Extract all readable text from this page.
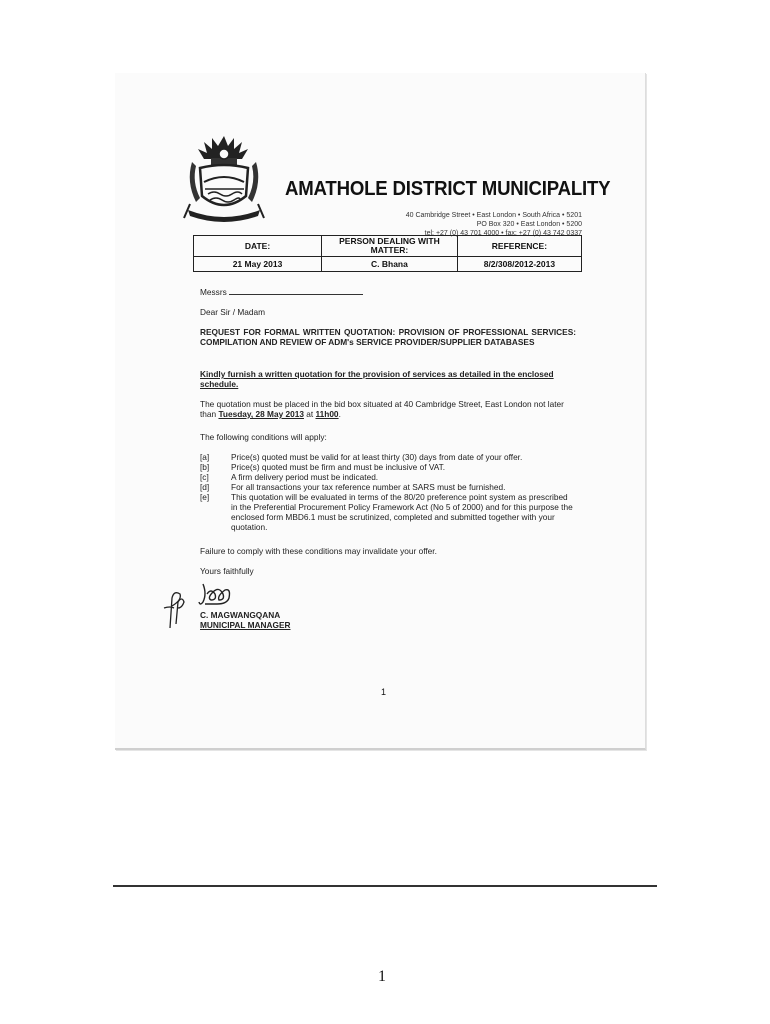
AMATHOLE DISTRICT MUNICIPALITY
40 Cambridge Street • East London • South Africa • 5201
PO Box 320 • East London • 5200
tel: +27 (0) 43 701 4000 • fax: +27 (0) 43 742 0337
DATE:	PERSON DEALING WITH MATTER:	REFERENCE:
21 May 2013	C. Bhana	8/2/308/2012-2013
Messrs
Dear Sir / Madam
REQUEST FOR FORMAL WRITTEN QUOTATION: PROVISION OF PROFESSIONAL SERVICES: COMPILATION AND REVIEW OF ADM's SERVICE PROVIDER/SUPPLIER DATABASES
Kindly furnish a written quotation for the provision of services as detailed in the enclosed schedule.
The quotation must be placed in the bid box situated at 40 Cambridge Street, East London not later than Tuesday, 28 May 2013 at 11h00.
The following conditions will apply:
[a]	Price(s) quoted must be valid for at least thirty (30) days from date of your offer.
[b]	Price(s) quoted must be firm and must be inclusive of VAT.
[c]	A firm delivery period must be indicated.
[d]	For all transactions your tax reference number at SARS must be furnished.
[e]	This quotation will be evaluated in terms of the 80/20 preference point system as prescribed in the Preferential Procurement Policy Framework Act (No 5 of 2000) and for this purpose the enclosed form MBD6.1 must be scrutinized, completed and submitted together with your quotation.
Failure to comply with these conditions may invalidate your offer.
Yours faithfully
C. MAGWANGQANA
MUNICIPAL MANAGER
1
1
